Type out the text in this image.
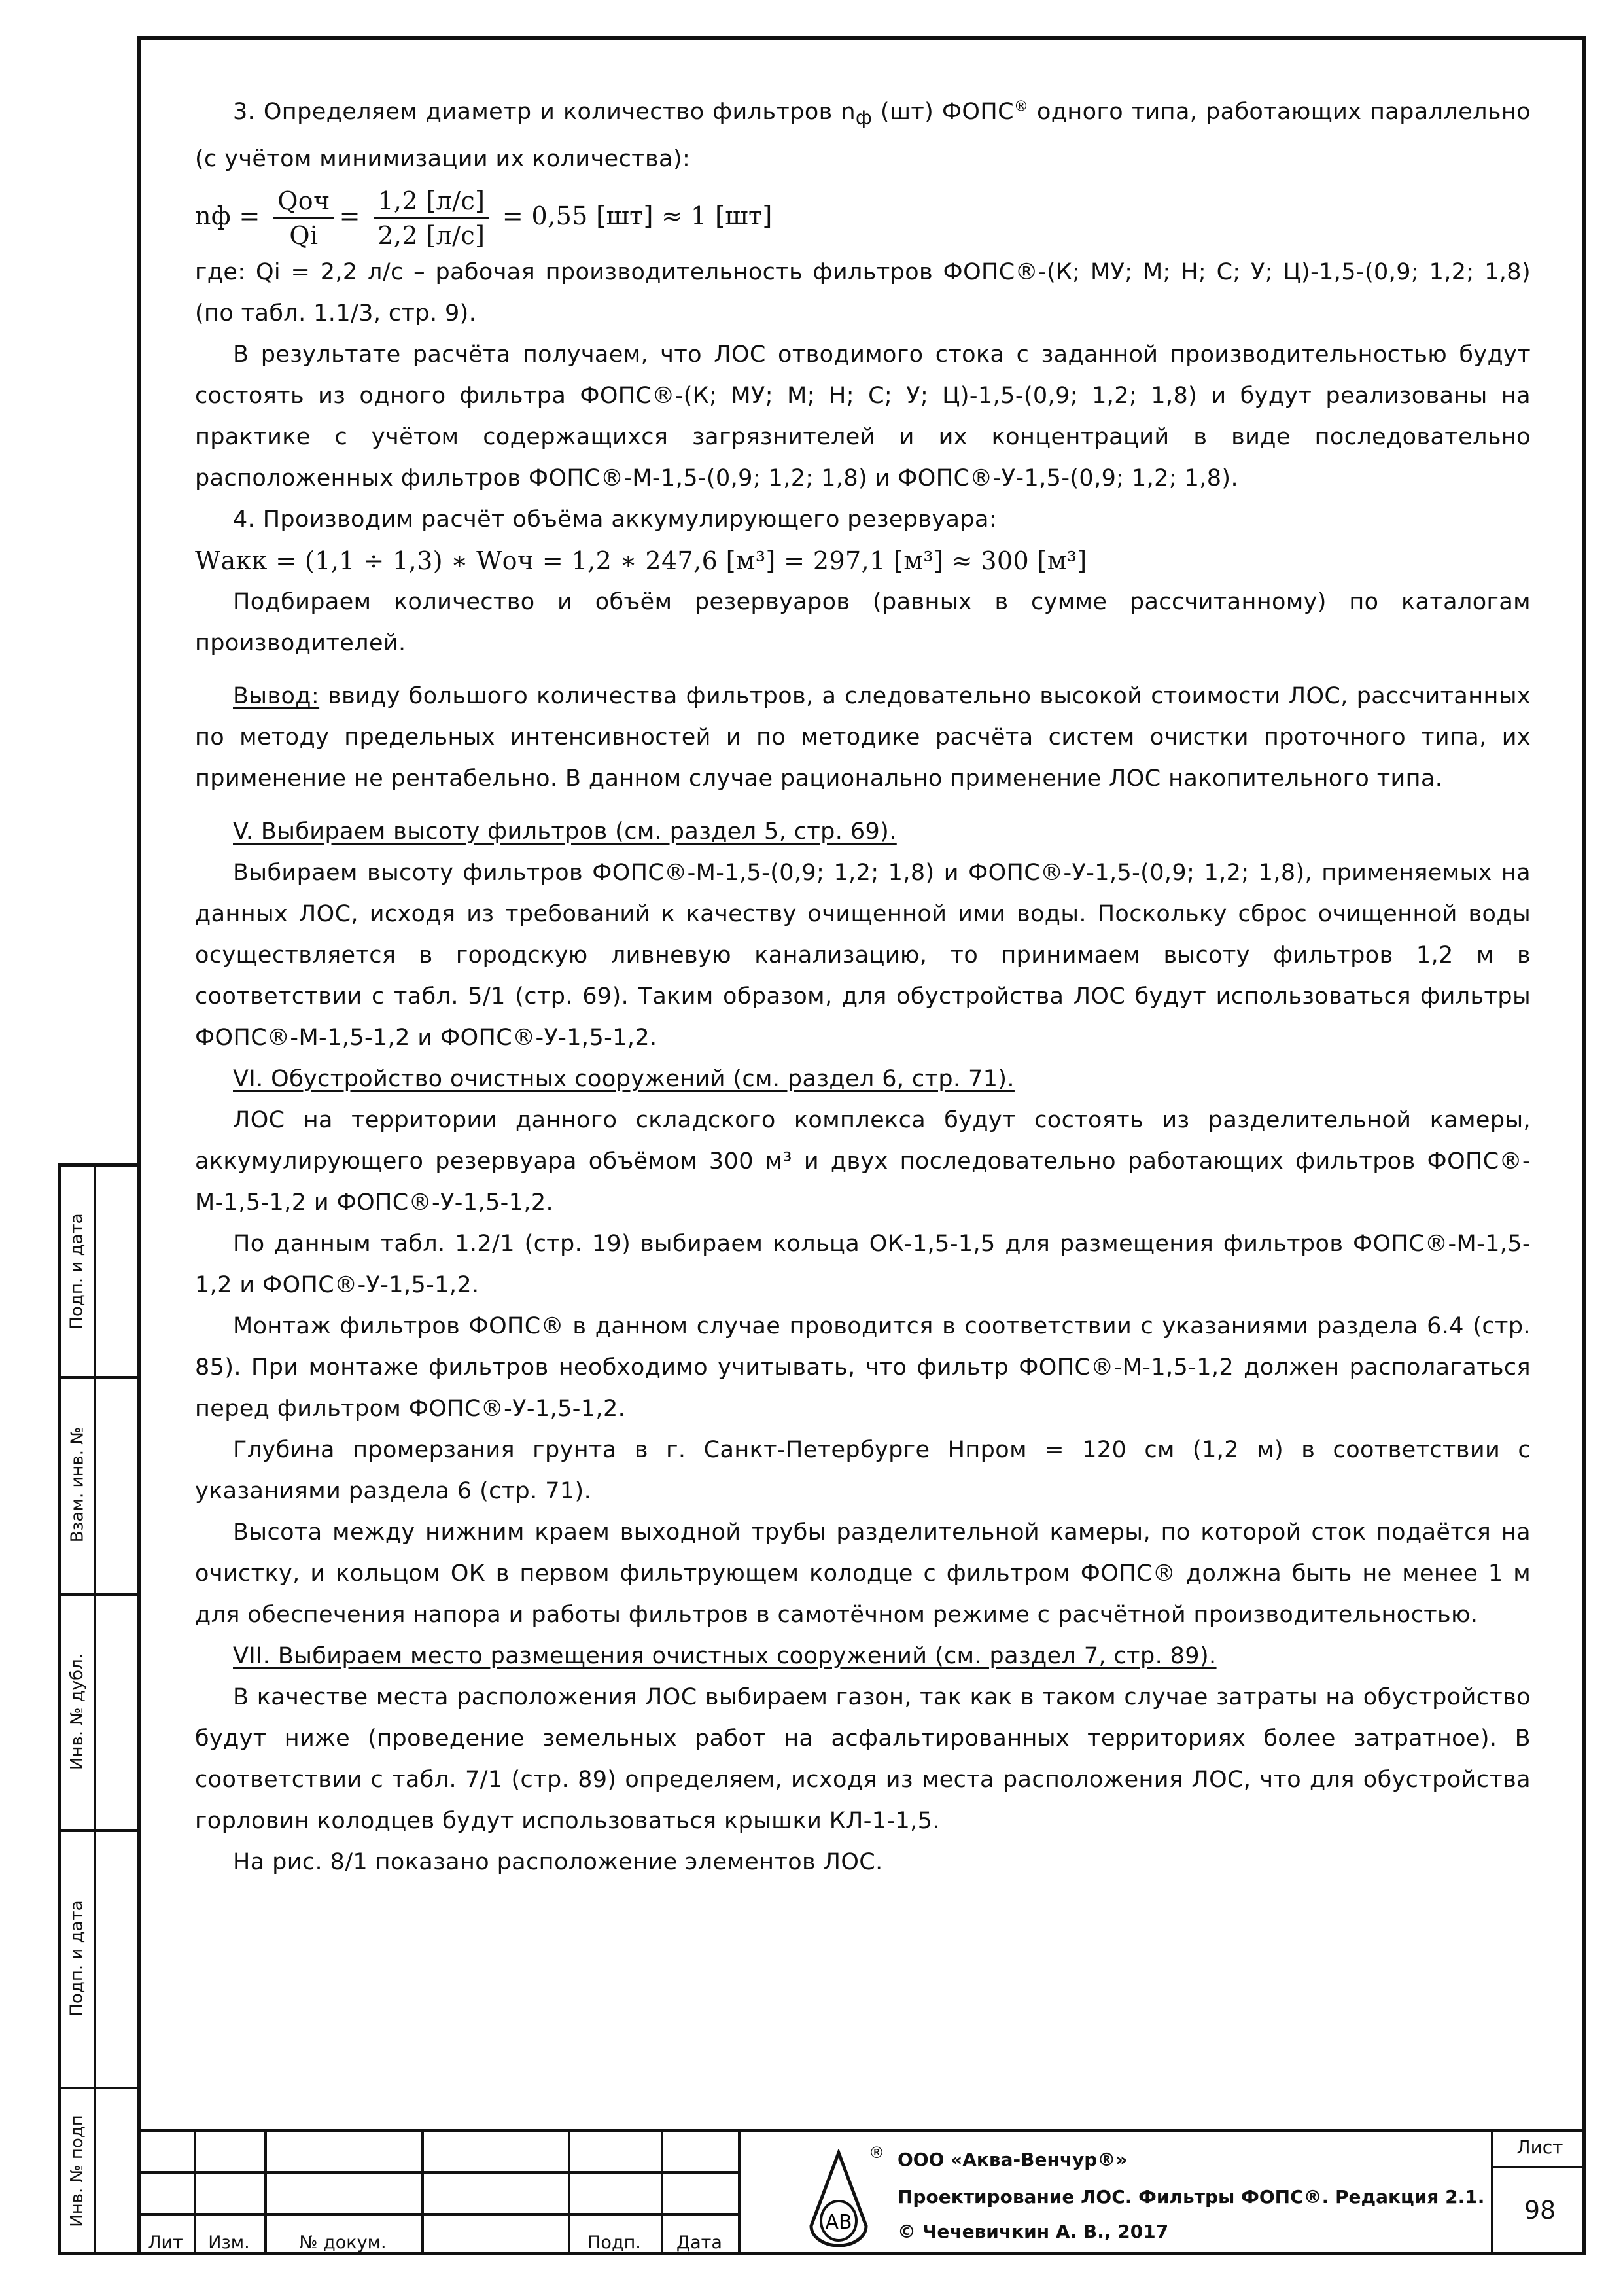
Подп. и дата
Взам. инв. №
Инв. № дубл.
Подп. и дата
Инв. № подп

3. Определяем диаметр и количество фильтров $n_ф$ (шт) ФОПС® одного типа, работающих параллельно (с учётом минимизации их количества):

nф = $\frac{\text{Qоч}}{Qi} = \frac{1,2 [л/с]}{2,2 [л/с]} = 0,55$ [шт] ≈ 1 [шт]

где: Qi = 2,2 л/с – рабочая производительность фильтров ФОПС®-(К; МУ; М; Н; С; У; Ц)-1,5-(0,9; 1,2; 1,8) (по табл. 1.1/3, стр. 9).

В результате расчёта получаем, что ЛОС отводимого стока с заданной производительностью будут состоять из одного фильтра ФОПС®-(К; МУ; М; Н; С; У; Ц)-1,5-(0,9; 1,2; 1,8) и будут реализованы на практике с учётом содержащихся загрязнителей и их концентраций в виде последовательно расположенных фильтров ФОПС®-М-1,5-(0,9; 1,2; 1,8) и ФОПС®-У-1,5-(0,9; 1,2; 1,8).

4. Производим расчёт объёма аккумулирующего резервуара:

Wакк = (1,1 ÷ 1,3) ∗ Wоч = 1,2 ∗ 247,6 [м³] = 297,1 [м³] ≈ 300 [м³]

Подбираем количество и объём резервуаров (равных в сумме рассчитанному) по каталогам производителей.

Вывод: ввиду большого количества фильтров, а следовательно высокой стоимости ЛОС, рассчитанных по методу предельных интенсивностей и по методике расчёта систем очистки проточного типа, их применение не рентабельно. В данном случае рационально применение ЛОС накопительного типа.

V. Выбираем высоту фильтров (см. раздел 5, стр. 69).

Выбираем высоту фильтров ФОПС®-М-1,5-(0,9; 1,2; 1,8) и ФОПС®-У-1,5-(0,9; 1,2; 1,8), применяемых на данных ЛОС, исходя из требований к качеству очищенной ими воды. Поскольку сброс очищенной воды осуществляется в городскую ливневую канализацию, то принимаем высоту фильтров 1,2 м в соответствии с табл. 5/1 (стр. 69). Таким образом, для обустройства ЛОС будут использоваться фильтры ФОПС®-М-1,5-1,2 и ФОПС®-У-1,5-1,2.

VI. Обустройство очистных сооружений (см. раздел 6, стр. 71).

ЛОС на территории данного складского комплекса будут состоять из разделительной камеры, аккумулирующего резервуара объёмом 300 м³ и двух последовательно работающих фильтров ФОПС®-М-1,5-1,2 и ФОПС®-У-1,5-1,2.

По данным табл. 1.2/1 (стр. 19) выбираем кольца ОК-1,5-1,5 для размещения фильтров ФОПС®-М-1,5-1,2 и ФОПС®-У-1,5-1,2.

Монтаж фильтров ФОПС® в данном случае проводится в соответствии с указаниями раздела 6.4 (стр. 85). При монтаже фильтров необходимо учитывать, что фильтр ФОПС®-М-1,5-1,2 должен располагаться перед фильтром ФОПС®-У-1,5-1,2.

Глубина промерзания грунта в г. Санкт-Петербурге Нпром = 120 см (1,2 м) в соответствии с указаниями раздела 6 (стр. 71).

Высота между нижним краем выходной трубы разделительной камеры, по которой сток подаётся на очистку, и кольцом ОК в первом фильтрующем колодце с фильтром ФОПС® должна быть не менее 1 м для обеспечения напора и работы фильтров в самотёчном режиме с расчётной производительностью.

VII. Выбираем место размещения очистных сооружений (см. раздел 7, стр. 89).

В качестве места расположения ЛОС выбираем газон, так как в таком случае затраты на обустройство будут ниже (проведение земельных работ на асфальтированных территориях более затратное). В соответствии с табл. 7/1 (стр. 89) определяем, исходя из места расположения ЛОС, что для обустройства горловин колодцев будут использоваться крышки КЛ-1-1,5.

На рис. 8/1 показано расположение элементов ЛОС.

Лит	Изм.	№ докум.	Подп.	Дата
АВ
® ООО «Аква-Венчур®»
Проектирование ЛОС. Фильтры ФОПС®. Редакция 2.1.
© Чечевичкин А. В., 2017
Лист
98
